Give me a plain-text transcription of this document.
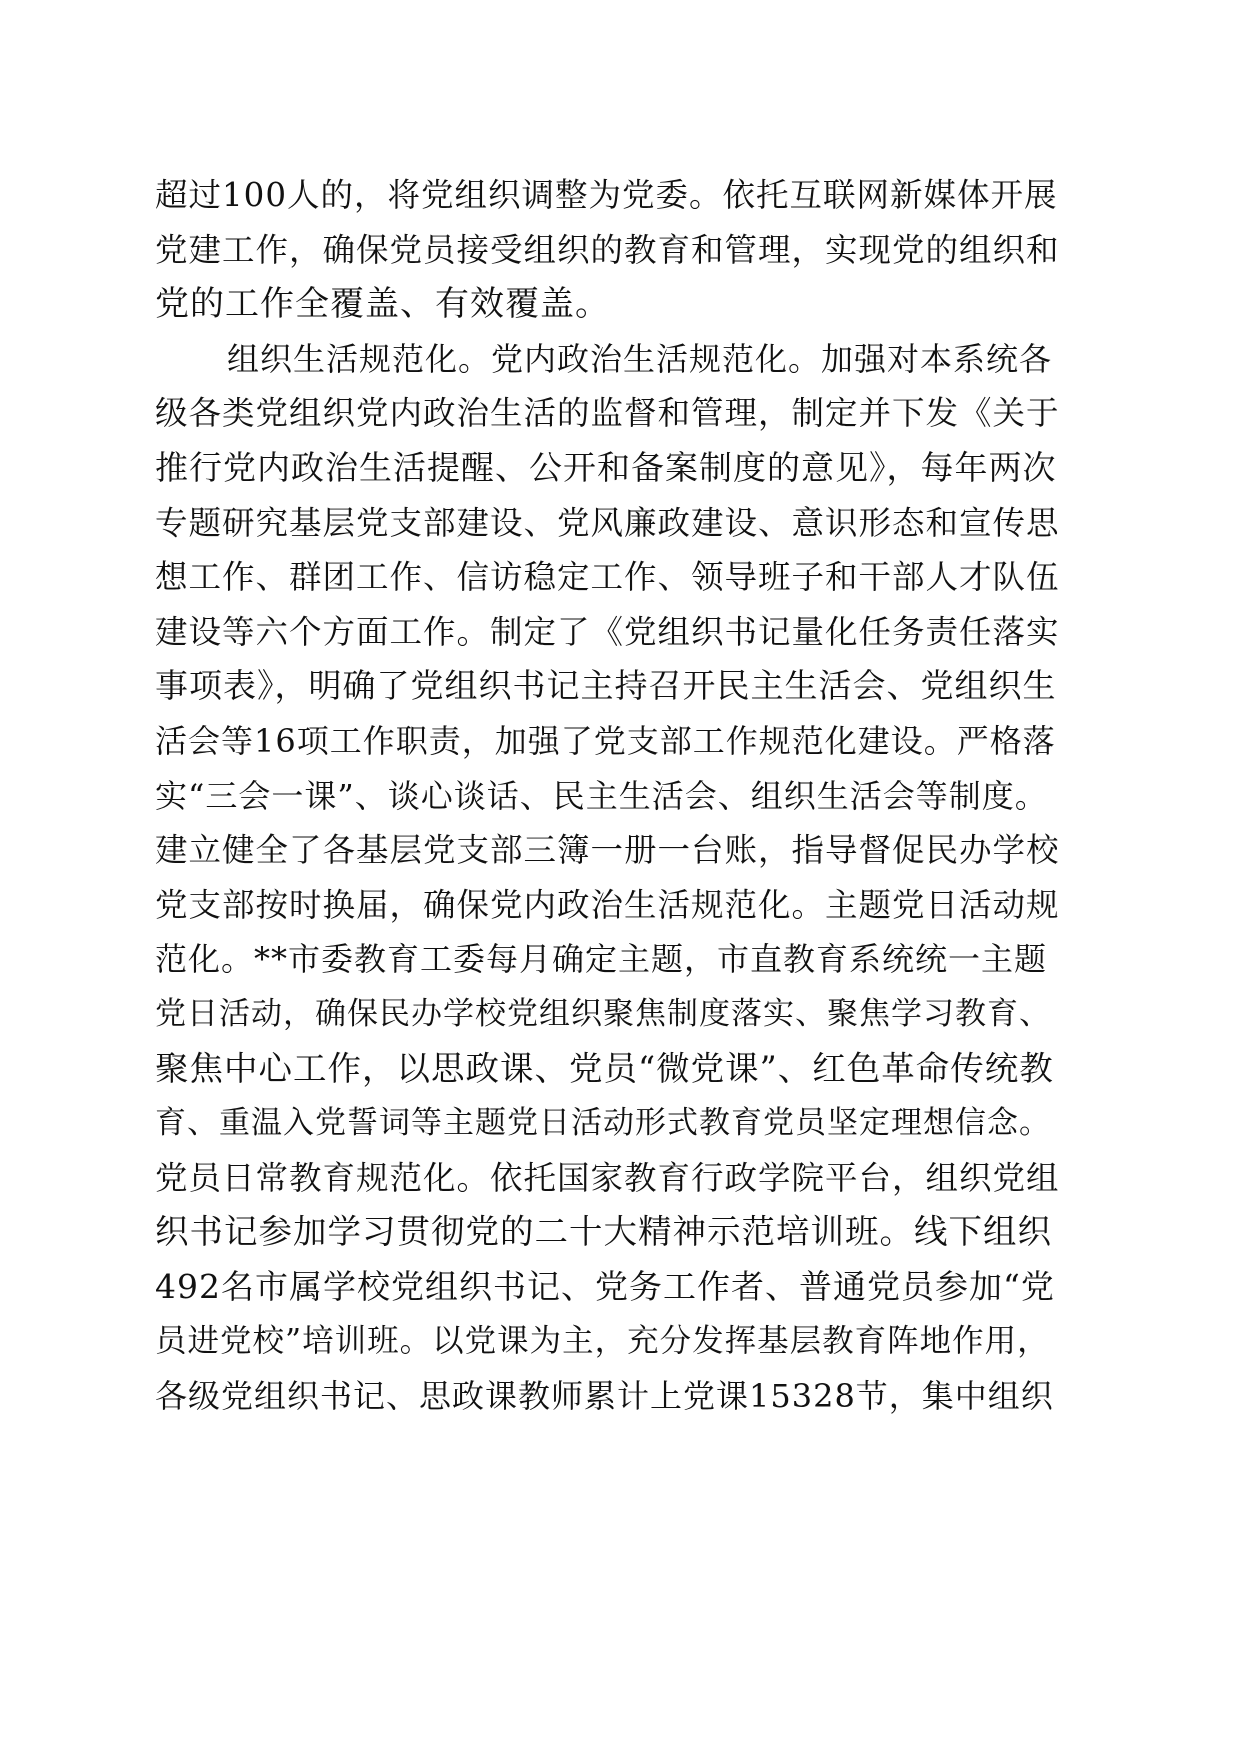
超过100人的，将党组织调整为党委。依托互联网新媒体开展
党建工作，确保党员接受组织的教育和管理，实现党的组织和
党的工作全覆盖、有效覆盖。
组织生活规范化。党内政治生活规范化。加强对本系统各
级各类党组织党内政治生活的监督和管理，制定并下发《关于
推行党内政治生活提醒、公开和备案制度的意见》，每年两次
专题研究基层党支部建设、党风廉政建设、意识形态和宣传思
想工作、群团工作、信访稳定工作、领导班子和干部人才队伍
建设等六个方面工作。制定了《党组织书记量化任务责任落实
事项表》，明确了党组织书记主持召开民主生活会、党组织生
活会等16项工作职责，加强了党支部工作规范化建设。严格落
实“三会一课”、谈心谈话、民主生活会、组织生活会等制度。
建立健全了各基层党支部三簿一册一台账，指导督促民办学校
党支部按时换届，确保党内政治生活规范化。主题党日活动规
范化。**市委教育工委每月确定主题，市直教育系统统一主题
党日活动，确保民办学校党组织聚焦制度落实、聚焦学习教育、
聚焦中心工作，以思政课、党员“微党课”、红色革命传统教
育、重温入党誓词等主题党日活动形式教育党员坚定理想信念。
党员日常教育规范化。依托国家教育行政学院平台，组织党组
织书记参加学习贯彻党的二十大精神示范培训班。线下组织
492名市属学校党组织书记、党务工作者、普通党员参加“党
员进党校”培训班。以党课为主，充分发挥基层教育阵地作用，
各级党组织书记、思政课教师累计上党课15328节，集中组织
